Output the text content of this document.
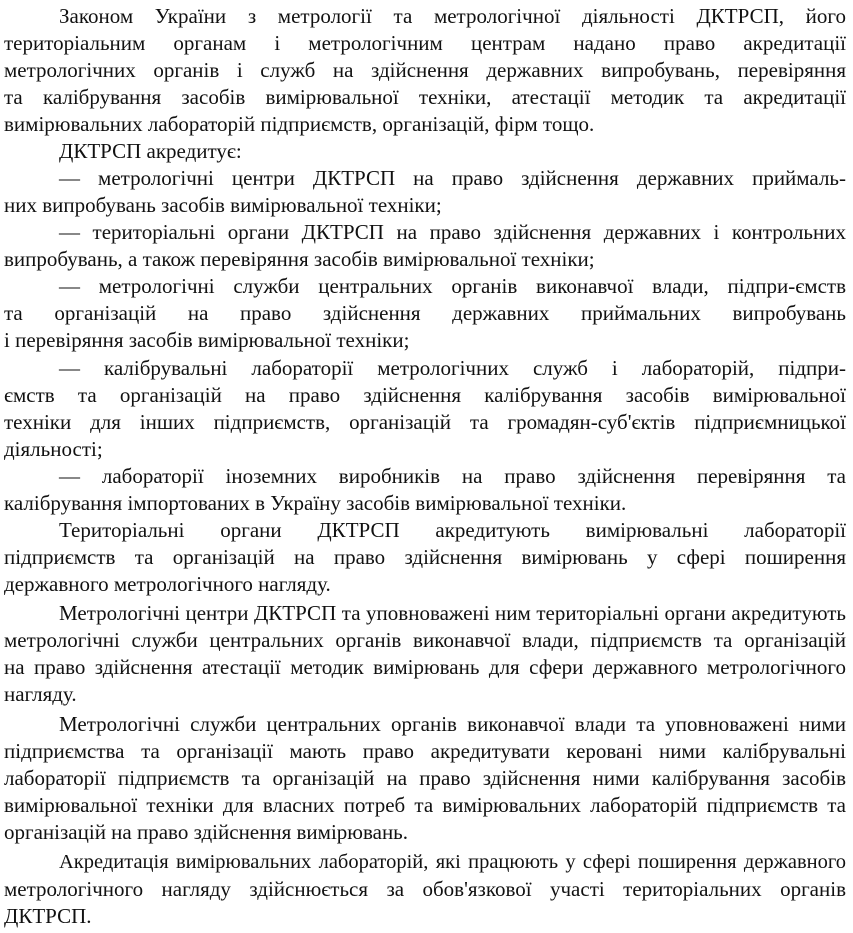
Законом України з метрології та метрологічної діяльності ДКТРСП, його
територіальним органам і метрологічним центрам надано право акредитації
метрологічних органів і служб на здійснення державних випробувань, перевіряння
та калібрування засобів вимірювальної техніки, атестації методик та акредитації
вимірювальних лабораторій підприємств, організацій, фірм тощо.
ДКТРСП акредитує:
— метрологічні центри ДКТРСП на право здійснення державних приймаль-
них випробувань засобів вимірювальної техніки;
— територіальні органи ДКТРСП на право здійснення державних і контрольних
випробувань, а також перевіряння засобів вимірювальної техніки;
— метрологічні служби центральних органів виконавчої влади, підпри-ємств
та організацій на право здійснення державних приймальних випробувань
і перевіряння засобів вимірювальної техніки;
— калібрувальні лабораторії метрологічних служб і лабораторій, підпри-
ємств та організацій на право здійснення калібрування засобів вимірювальної
техніки для інших підприємств, організацій та громадян-суб'єктів підприємницької
діяльності;
— лабораторії іноземних виробників на право здійснення перевіряння та
калібрування імпортованих в Україну засобів вимірювальної техніки.
Територіальні органи ДКТРСП акредитують вимірювальні лабораторії
підприємств та організацій на право здійснення вимірювань у сфері поширення
державного метрологічного нагляду.
Метрологічні центри ДКТРСП та уповноважені ним територіальні органи акредитують
метрологічні служби центральних органів виконавчої влади, підприємств та організацій
на право здійснення атестації методик вимірювань для сфери державного метрологічного
нагляду.
Метрологічні служби центральних органів виконавчої влади та уповноважені ними
підприємства та організації мають право акредитувати керовані ними калібрувальні
лабораторії підприємств та організацій на право здійснення ними калібрування засобів
вимірювальної техніки для власних потреб та вимірювальних лабораторій підприємств та
організацій на право здійснення вимірювань.
Акредитація вимірювальних лабораторій, які працюють у сфері поширення державного
метрологічного нагляду здійснюється за обов'язкової участі територіальних органів
ДКТРСП.
